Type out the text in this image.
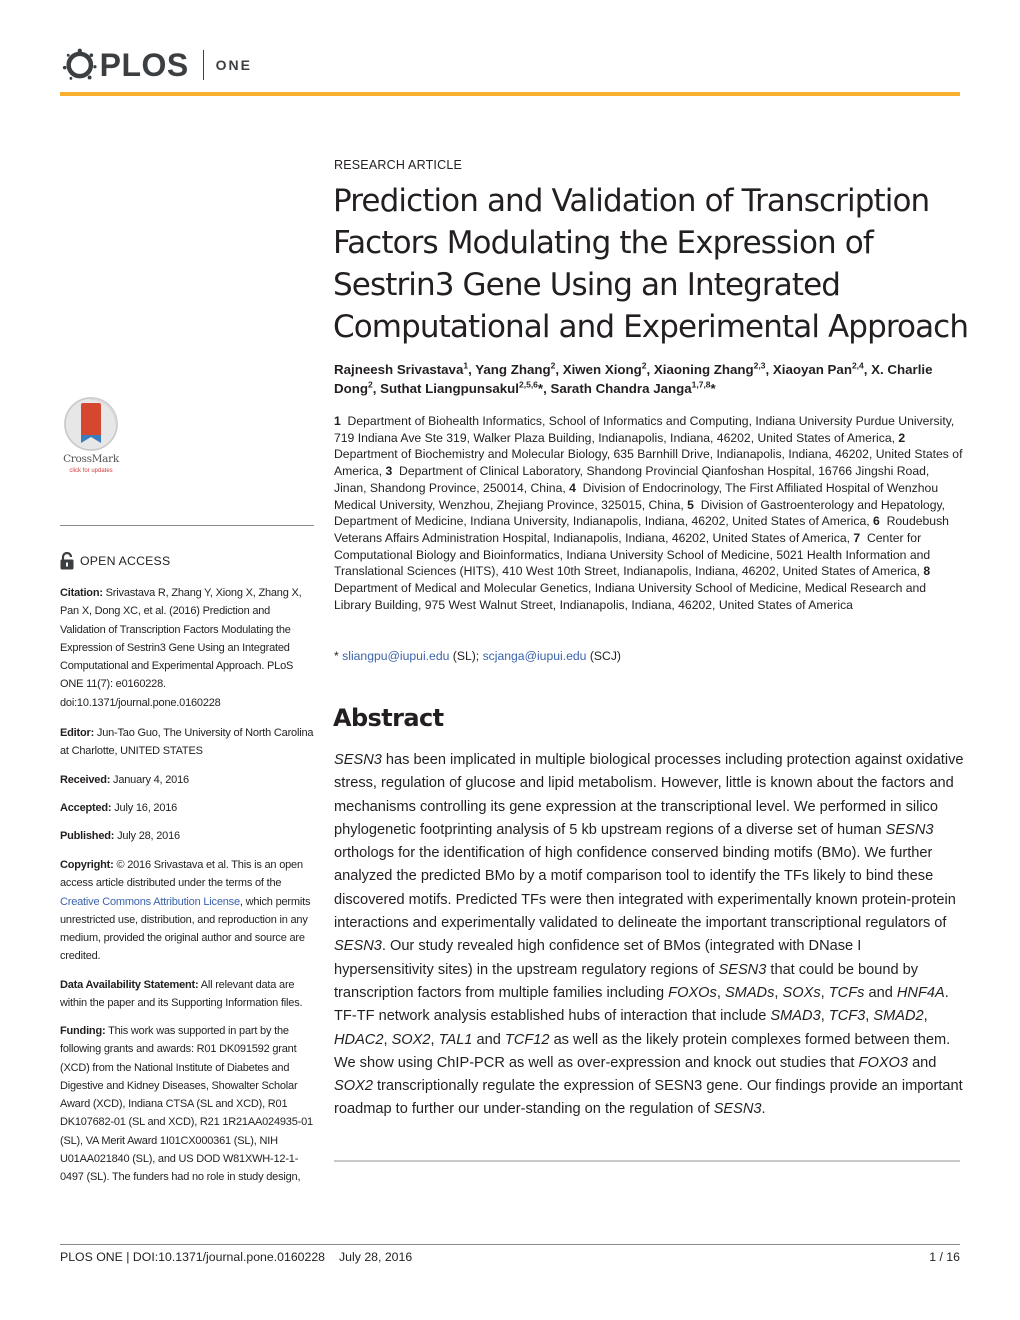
PLOS ONE
CrossMark
click for updates
OPEN ACCESS
Citation: Srivastava R, Zhang Y, Xiong X, Zhang X, Pan X, Dong XC, et al. (2016) Prediction and Validation of Transcription Factors Modulating the Expression of Sestrin3 Gene Using an Integrated Computational and Experimental Approach. PLoS ONE 11(7): e0160228. doi:10.1371/journal.pone.0160228
Editor: Jun-Tao Guo, The University of North Carolina at Charlotte, UNITED STATES
Received: January 4, 2016
Accepted: July 16, 2016
Published: July 28, 2016
Copyright: © 2016 Srivastava et al. This is an open access article distributed under the terms of the Creative Commons Attribution License, which permits unrestricted use, distribution, and reproduction in any medium, provided the original author and source are credited.
Data Availability Statement: All relevant data are within the paper and its Supporting Information files.
Funding: This work was supported in part by the following grants and awards: R01 DK091592 grant (XCD) from the National Institute of Diabetes and Digestive and Kidney Diseases, Showalter Scholar Award (XCD), Indiana CTSA (SL and XCD), R01 DK107682-01 (SL and XCD), R21 1R21AA024935-01 (SL), VA Merit Award 1I01CX000361 (SL), NIH U01AA021840 (SL), and US DOD W81XWH-12-1-0497 (SL). The funders had no role in study design,
RESEARCH ARTICLE
Prediction and Validation of Transcription Factors Modulating the Expression of Sestrin3 Gene Using an Integrated Computational and Experimental Approach
Rajneesh Srivastava$^1$, Yang Zhang$^2$, Xiwen Xiong$^2$, Xiaoning Zhang$^{2,3}$, Xiaoyan Pan$^{2,4}$, X. Charlie Dong$^2$, Suthat Liangpunsakul$^{2,5,6}$*, Sarath Chandra Janga$^{1,7,8}$*
1  Department of Biohealth Informatics, School of Informatics and Computing, Indiana University Purdue University, 719 Indiana Ave Ste 319, Walker Plaza Building, Indianapolis, Indiana, 46202, United States of America, 2  Department of Biochemistry and Molecular Biology, 635 Barnhill Drive, Indianapolis, Indiana, 46202, United States of America, 3  Department of Clinical Laboratory, Shandong Provincial Qianfoshan Hospital, 16766 Jingshi Road, Jinan, Shandong Province, 250014, China, 4  Division of Endocrinology, The First Affiliated Hospital of Wenzhou Medical University, Wenzhou, Zhejiang Province, 325015, China, 5  Division of Gastroenterology and Hepatology, Department of Medicine, Indiana University, Indianapolis, Indiana, 46202, United States of America, 6  Roudebush Veterans Affairs Administration Hospital, Indianapolis, Indiana, 46202, United States of America, 7  Center for Computational Biology and Bioinformatics, Indiana University School of Medicine, 5021 Health Information and Translational Sciences (HITS), 410 West 10th Street, Indianapolis, Indiana, 46202, United States of America, 8  Department of Medical and Molecular Genetics, Indiana University School of Medicine, Medical Research and Library Building, 975 West Walnut Street, Indianapolis, Indiana, 46202, United States of America
* sliangpu@iupui.edu (SL); scjanga@iupui.edu (SCJ)
Abstract
SESN3 has been implicated in multiple biological processes including protection against oxidative stress, regulation of glucose and lipid metabolism. However, little is known about the factors and mechanisms controlling its gene expression at the transcriptional level. We performed in silico phylogenetic footprinting analysis of 5 kb upstream regions of a diverse set of human SESN3 orthologs for the identification of high confidence conserved binding motifs (BMo). We further analyzed the predicted BMo by a motif comparison tool to identify the TFs likely to bind these discovered motifs. Predicted TFs were then integrated with experimentally known protein-protein interactions and experimentally validated to delineate the important transcriptional regulators of SESN3. Our study revealed high confidence set of BMos (integrated with DNase I hypersensitivity sites) in the upstream regulatory regions of SESN3 that could be bound by transcription factors from multiple families including FOXOs, SMADs, SOXs, TCFs and HNF4A. TF-TF network analysis established hubs of interaction that include SMAD3, TCF3, SMAD2, HDAC2, SOX2, TAL1 and TCF12 as well as the likely protein complexes formed between them. We show using ChIP-PCR as well as over-expression and knock out studies that FOXO3 and SOX2 transcriptionally regulate the expression of SESN3 gene. Our findings provide an important roadmap to further our under-standing on the regulation of SESN3.
PLOS ONE | DOI:10.1371/journal.pone.0160228 July 28, 2016	1 / 16
